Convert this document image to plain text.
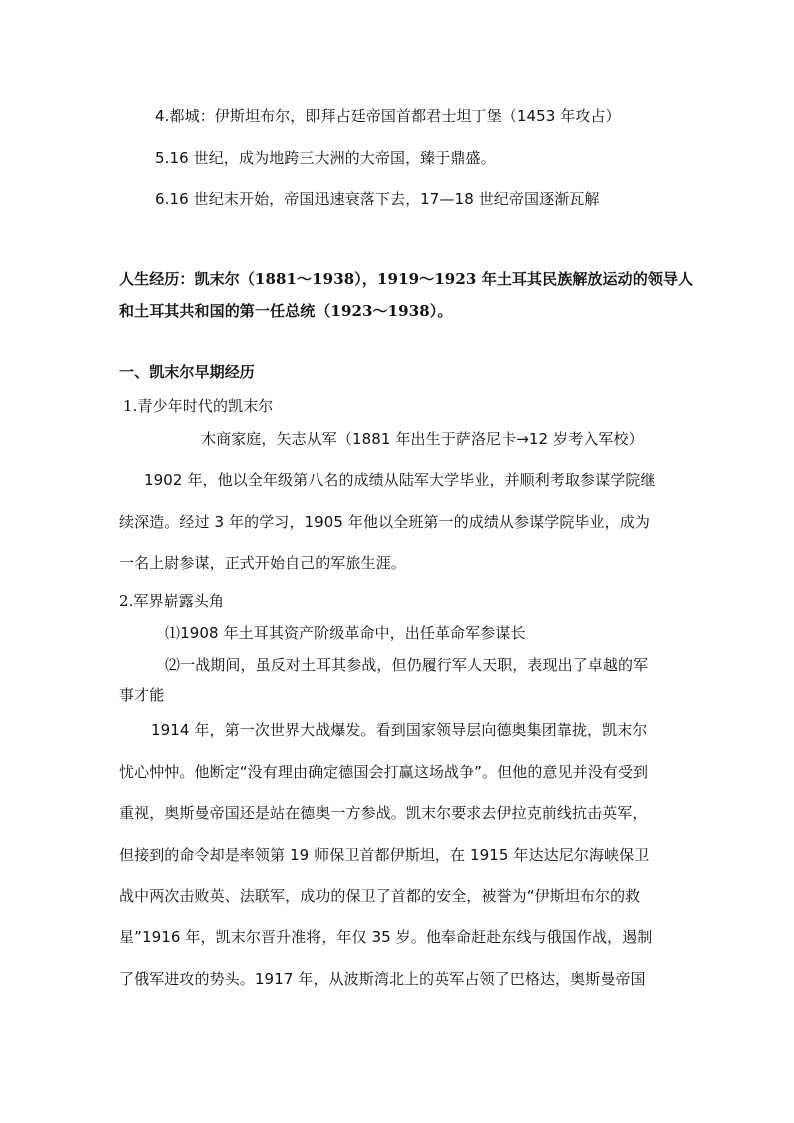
4.都城：伊斯坦布尔，即拜占廷帝国首都君士坦丁堡（1453 年攻占）
5.16 世纪，成为地跨三大洲的大帝国，臻于鼎盛。
6.16 世纪末开始，帝国迅速衰落下去，17—18 世纪帝国逐渐瓦解
人生经历：凯末尔（1881～1938），1919～1923 年土耳其民族解放运动的领导人
和土耳其共和国的第一任总统（1923～1938）。
一、凯末尔早期经历
1.青少年时代的凯末尔
木商家庭，矢志从军（1881 年出生于萨洛尼卡→12 岁考入军校）
1902 年，他以全年级第八名的成绩从陆军大学毕业，并顺利考取参谋学院继
续深造。经过 3 年的学习，1905 年他以全班第一的成绩从参谋学院毕业，成为
一名上尉参谋，正式开始自己的军旅生涯。
2.军界崭露头角
⑴1908 年土耳其资产阶级革命中，出任革命军参谋长
⑵一战期间，虽反对土耳其参战，但仍履行军人天职，表现出了卓越的军
事才能
1914 年，第一次世界大战爆发。看到国家领导层向德奥集团靠拢，凯末尔
忧心忡忡。他断定“没有理由确定德国会打赢这场战争”。但他的意见并没有受到
重视，奥斯曼帝国还是站在德奥一方参战。凯末尔要求去伊拉克前线抗击英军，
但接到的命令却是率领第 19 师保卫首都伊斯坦，在 1915 年达达尼尔海峡保卫
战中两次击败英、法联军，成功的保卫了首都的安全，被誉为“伊斯坦布尔的救
星”1916 年，凯末尔晋升准将，年仅 35 岁。他奉命赶赴东线与俄国作战，遏制
了俄军进攻的势头。1917 年，从波斯湾北上的英军占领了巴格达，奥斯曼帝国
